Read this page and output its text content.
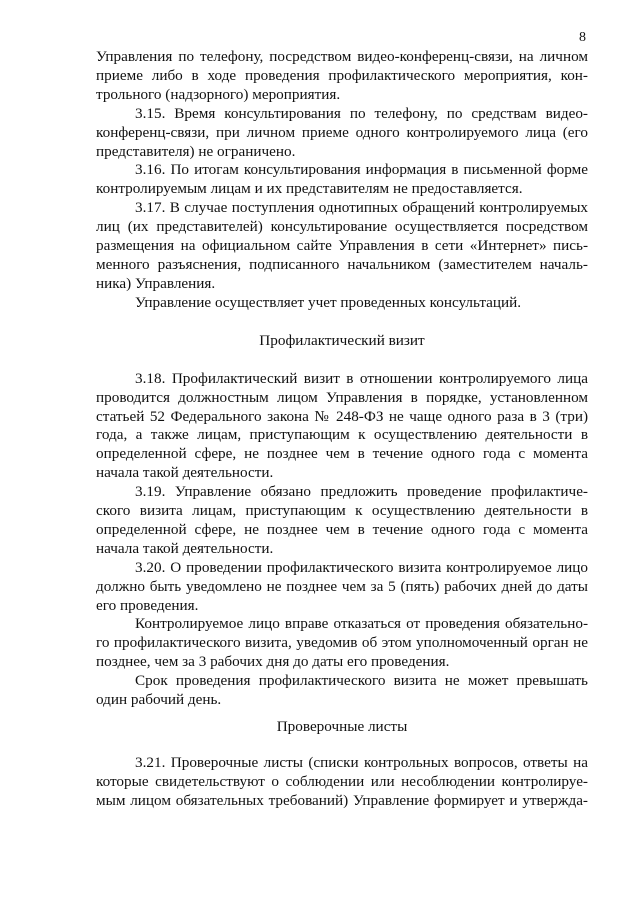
8

Управления по телефону, посредством видео-конференц-связи, на личном
приеме либо в ходе проведения профилактического мероприятия, кон-
трольного (надзорного) мероприятия.

3.15. Время консультирования по телефону, по средствам видео-
конференц-связи, при личном приеме одного контролируемого лица (его
представителя) не ограничено.

3.16. По итогам консультирования информация в письменной форме
контролируемым лицам и их представителям не предоставляется.

3.17. В случае поступления однотипных обращений контролируемых
лиц (их представителей) консультирование осуществляется посредством
размещения на официальном сайте Управления в сети «Интернет» пись-
менного разъяснения, подписанного начальником (заместителем началь-
ника) Управления.

Управление осуществляет учет проведенных консультаций.

Профилактический визит

3.18. Профилактический визит в отношении контролируемого лица
проводится должностным лицом Управления в порядке, установленном
статьей 52 Федерального закона № 248-ФЗ не чаще одного раза в 3 (три)
года, а также лицам, приступающим к осуществлению деятельности в
определенной сфере, не позднее чем в течение одного года с момента
начала такой деятельности.

3.19. Управление обязано предложить проведение профилактиче-
ского визита лицам, приступающим к осуществлению деятельности в
определенной сфере, не позднее чем в течение одного года с момента
начала такой деятельности.

3.20. О проведении профилактического визита контролируемое лицо
должно быть уведомлено не позднее чем за 5 (пять) рабочих дней до даты
его проведения.

Контролируемое лицо вправе отказаться от проведения обязательно-
го профилактического визита, уведомив об этом уполномоченный орган не
позднее, чем за 3 рабочих дня до даты его проведения.

Срок проведения профилактического визита не может превышать
один рабочий день.

Проверочные листы

3.21. Проверочные листы (списки контрольных вопросов, ответы на
которые свидетельствуют о соблюдении или несоблюдении контролируе-
мым лицом обязательных требований) Управление формирует и утвержда-
